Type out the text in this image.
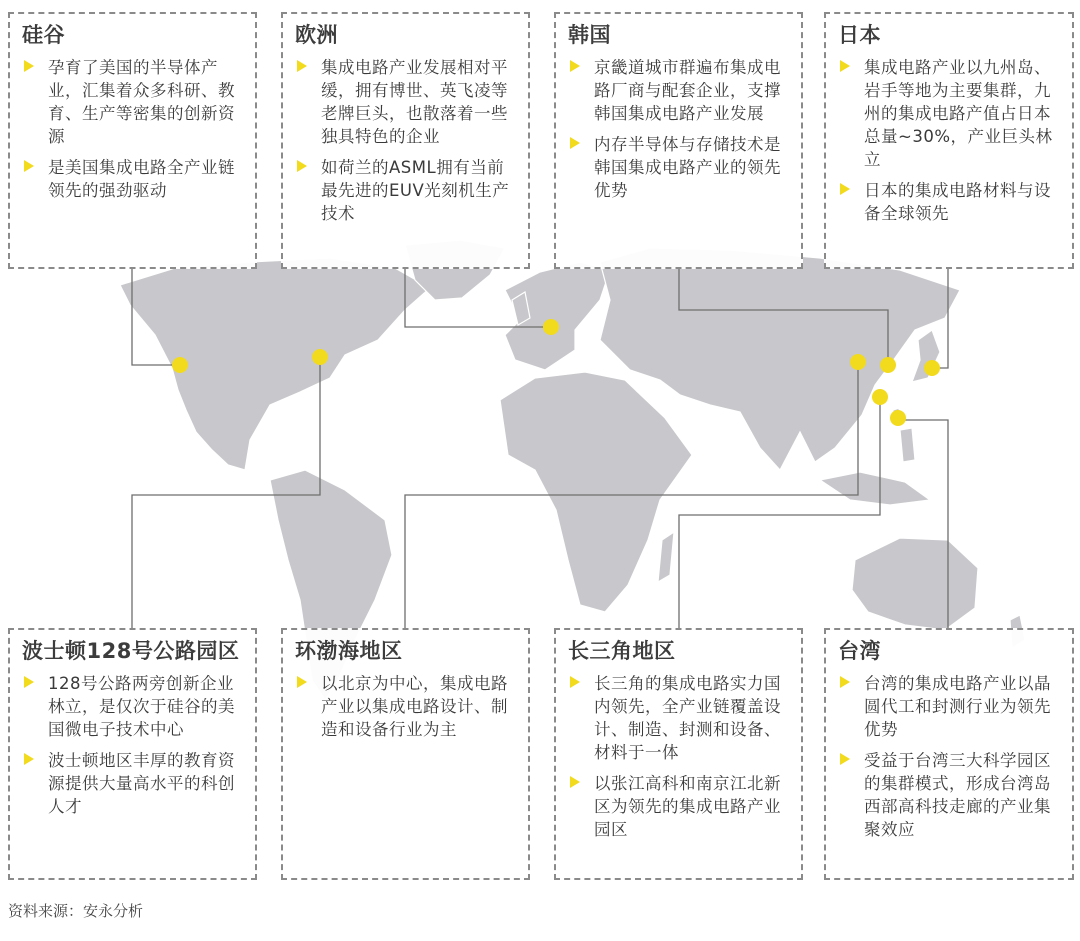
硅谷
孕育了美国的半导体产业，汇集着众多科研、教育、生产等密集的创新资源
是美国集成电路全产业链领先的强劲驱动
欧洲
集成电路产业发展相对平缓，拥有博世、英飞凌等老牌巨头，也散落着一些独具特色的企业
如荷兰的ASML拥有当前最先进的EUV光刻机生产技术
韩国
京畿道城市群遍布集成电路厂商与配套企业，支撑韩国集成电路产业发展
内存半导体与存储技术是韩国集成电路产业的领先优势
日本
集成电路产业以九州岛、岩手等地为主要集群，九州的集成电路产值占日本总量~30%，产业巨头林立
日本的集成电路材料与设备全球领先
波士顿128号公路园区
128号公路两旁创新企业林立，是仅次于硅谷的美国微电子技术中心
波士顿地区丰厚的教育资源提供大量高水平的科创人才
环渤海地区
以北京为中心，集成电路产业以集成电路设计、制造和设备行业为主
长三角地区
长三角的集成电路实力国内领先，全产业链覆盖设计、制造、封测和设备、材料于一体
以张江高科和南京江北新区为领先的集成电路产业园区
台湾
台湾的集成电路产业以晶圆代工和封测行业为领先优势
受益于台湾三大科学园区的集群模式，形成台湾岛西部高科技走廊的产业集聚效应
资料来源：安永分析
